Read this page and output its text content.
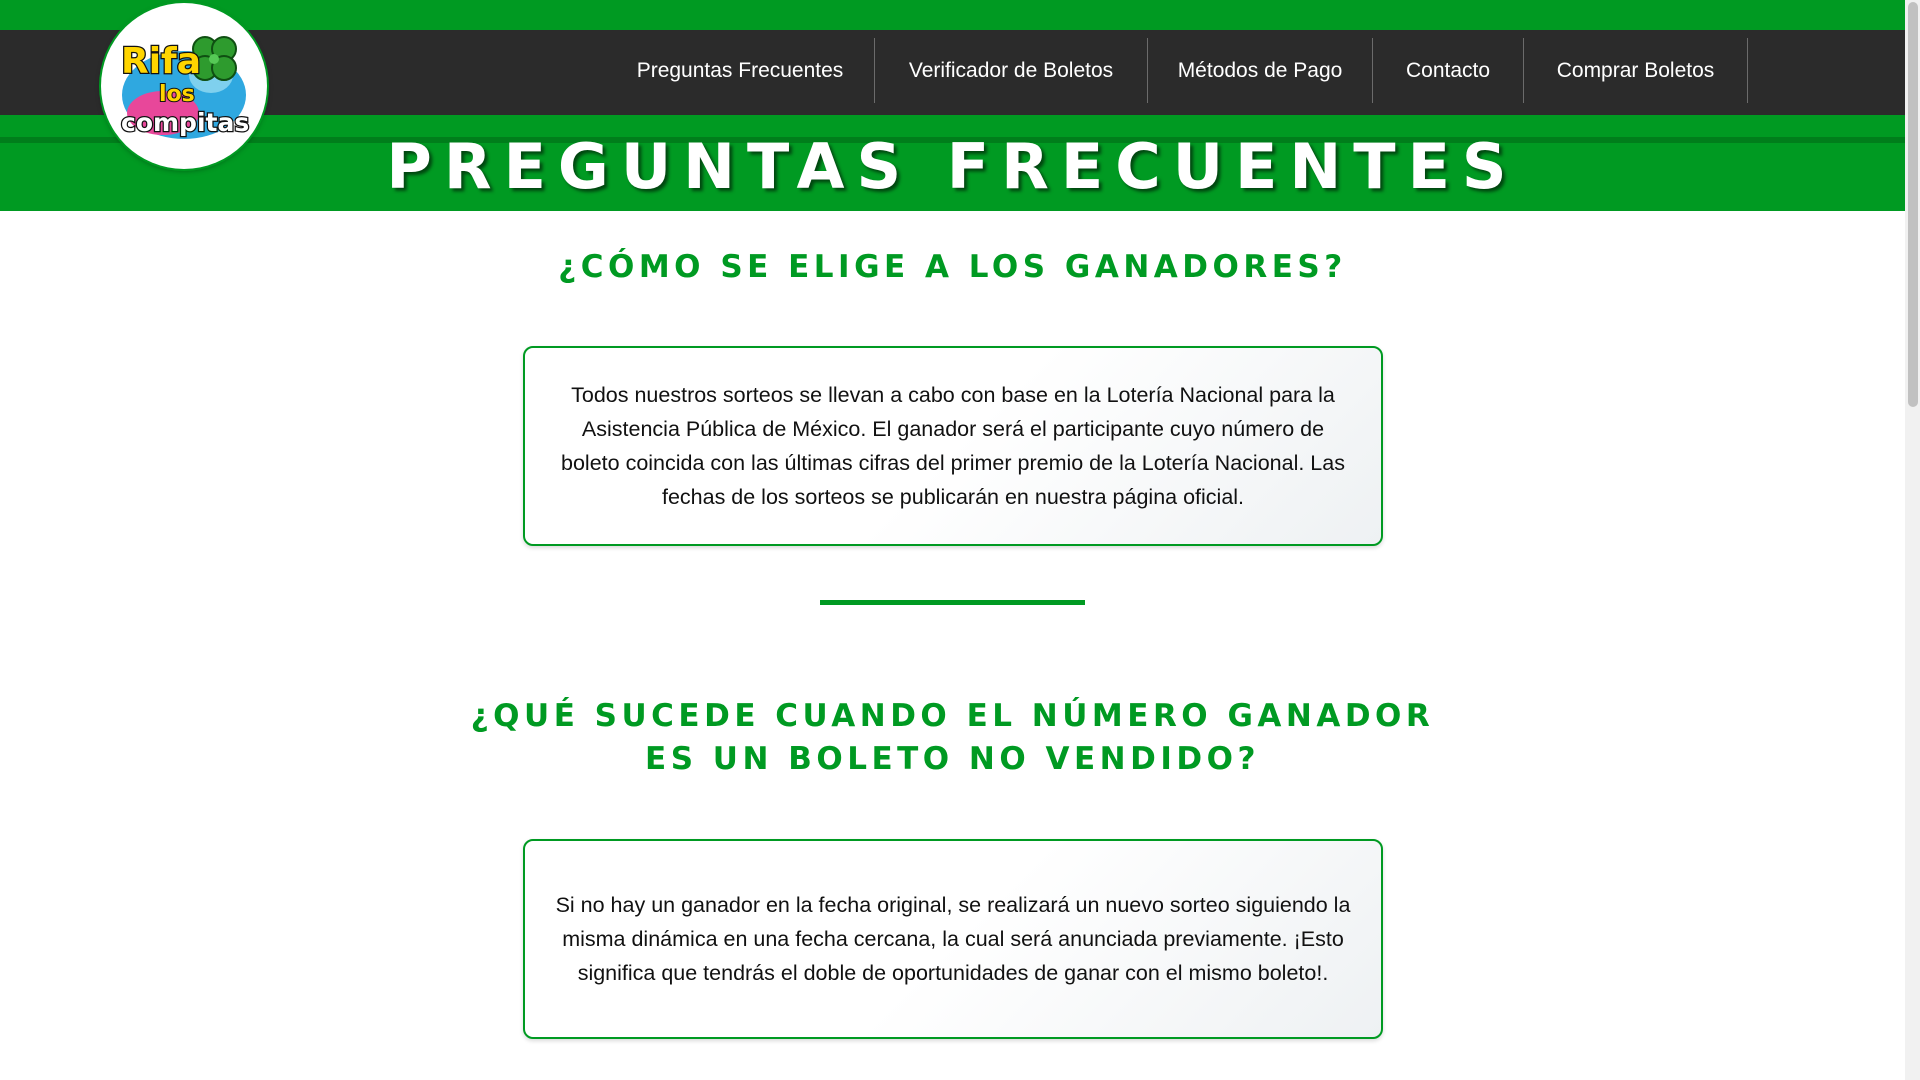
Preguntas Frecuentes	Verificador de Boletos	Métodos de Pago	Contacto	Comprar Boletos
PREGUNTAS FRECUENTES
Rifa
los
compitas
¿CÓMO SE ELIGE A LOS GANADORES?

Todos nuestros sorteos se llevan a cabo con base en la Lotería Nacional para la Asistencia Pública de México. El ganador será el participante cuyo número de boleto coincida con las últimas cifras del primer premio de la Lotería Nacional. Las fechas de los sorteos se publicarán en nuestra página oficial.

¿QUÉ SUCEDE CUANDO EL NÚMERO GANADOR ES UN BOLETO NO VENDIDO?

Si no hay un ganador en la fecha original, se realizará un nuevo sorteo siguiendo la misma dinámica en una fecha cercana, la cual será anunciada previamente. ¡Esto significa que tendrás el doble de oportunidades de ganar con el mismo boleto!.
